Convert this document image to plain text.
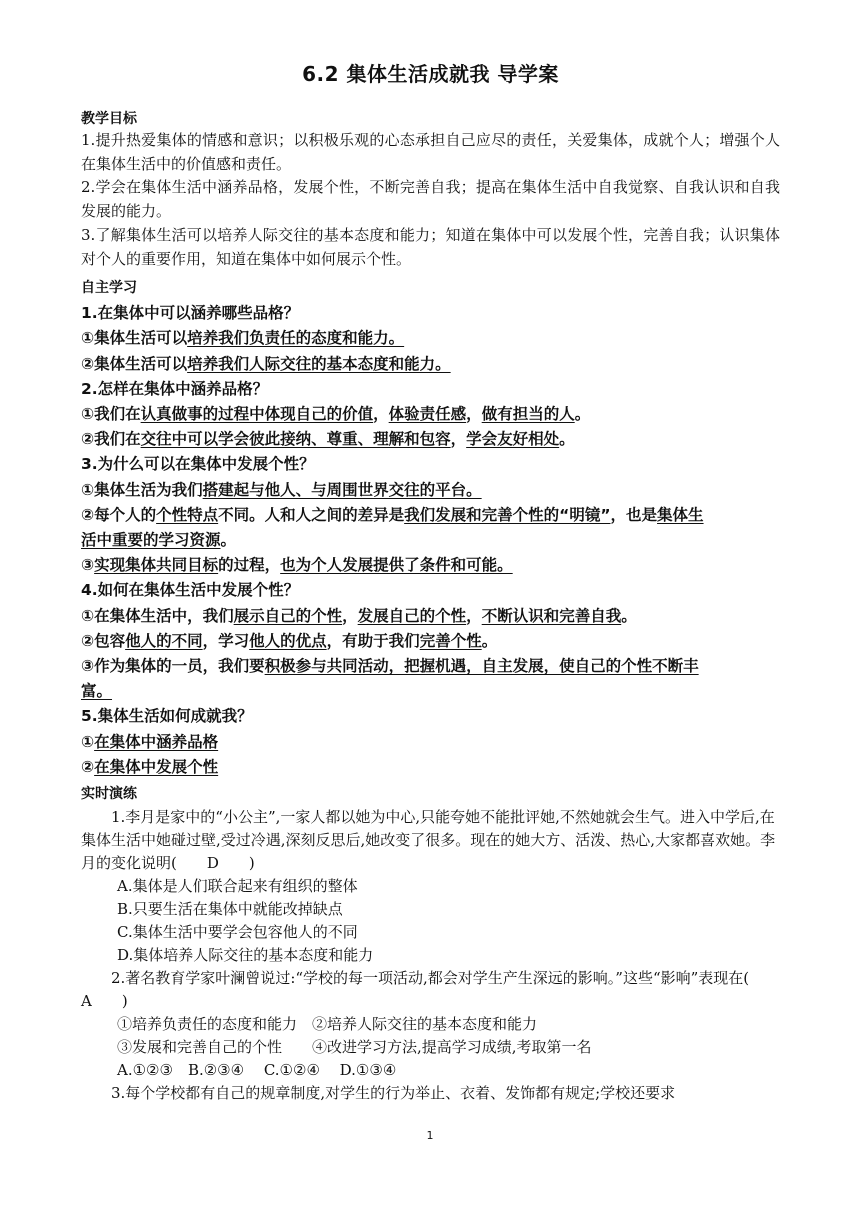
6.2 集体生活成就我 导学案
教学目标

1.提升热爱集体的情感和意识；以积极乐观的心态承担自己应尽的责任，关爱集体，成就个人；增强个人在集体生活中的价值感和责任。

2.学会在集体生活中涵养品格，发展个性，不断完善自我；提高在集体生活中自我觉察、自我认识和自我发展的能力。

3.了解集体生活可以培养人际交往的基本态度和能力；知道在集体中可以发展个性，完善自我；认识集体对个人的重要作用，知道在集体中如何展示个性。

自主学习
1.在集体中可以涵养哪些品格？
①集体生活可以培养我们负责任的态度和能力。
②集体生活可以培养我们人际交往的基本态度和能力。
2.怎样在集体中涵养品格？
①我们在认真做事的过程中体现自己的价值，体验责任感，做有担当的人。
②我们在交往中可以学会彼此接纳、尊重、理解和包容，学会友好相处。
3.为什么可以在集体中发展个性？
①集体生活为我们搭建起与他人、与周围世界交往的平台。
②每个人的个性特点不同。人和人之间的差异是我们发展和完善个性的“明镜”，也是集体生
活中重要的学习资源。
③实现集体共同目标的过程，也为个人发展提供了条件和可能。
4.如何在集体生活中发展个性？
①在集体生活中，我们展示自己的个性，发展自己的个性，不断认识和完善自我。
②包容他人的不同，学习他人的优点，有助于我们完善个性。
③作为集体的一员，我们要积极参与共同活动，把握机遇，自主发展，使自己的个性不断丰
富。
5.集体生活如何成就我？
①在集体中涵养品格
②在集体中发展个性
实时演练

1.李月是家中的“小公主”,一家人都以她为中心,只能夸她不能批评她,不然她就会生气。进入中学后,在集体生活中她碰过壁,受过冷遇,深刻反思后,她改变了很多。现在的她大方、活泼、热心,大家都喜欢她。李月的变化说明(　　D　　)

A.集体是人们联合起来有组织的整体

B.只要生活在集体中就能改掉缺点

C.集体生活中要学会包容他人的不同

D.集体培养人际交往的基本态度和能力

2.著名教育学家叶澜曾说过:“学校的每一项活动,都会对学生产生深远的影响。”这些“影响”表现在(　　A　　)

①培养负责任的态度和能力　②培养人际交往的基本态度和能力

③发展和完善自己的个性　　④改进学习方法,提高学习成绩,考取第一名

A.①②③　B.②③④　 C.①②④　 D.①③④

3.每个学校都有自己的规章制度,对学生的行为举止、衣着、发饰都有规定;学校还要求

1
